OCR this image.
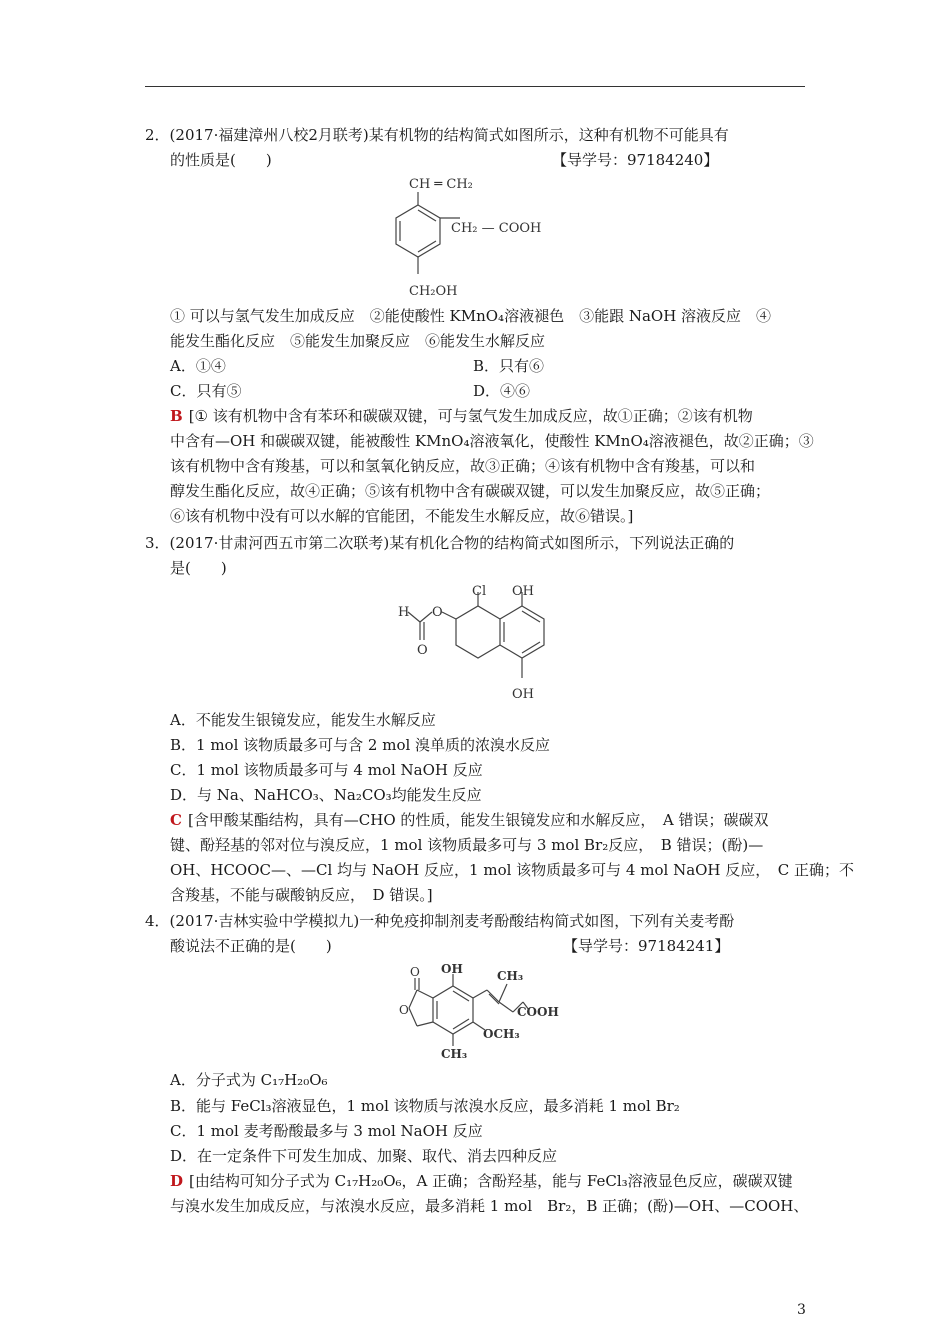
2．(2017·福建漳州八校2月联考)某有机物的结构简式如图所示，这种有机物不可能具有
的性质是(　　)	【导学号：97184240】
CH ═ CH₂
CH₂ — COOH
CH₂OH
① 可以与氢气发生加成反应　②能使酸性 KMnO₄溶液褪色　③能跟 NaOH 溶液反应　④
能发生酯化反应　⑤能发生加聚反应　⑥能发生水解反应
A．①④	B．只有⑥
C．只有⑤	D．④⑥
B [① 该有机物中含有苯环和碳碳双键，可与氢气发生加成反应，故①正确；②该有机物
中含有—OH 和碳碳双键，能被酸性 KMnO₄溶液氧化，使酸性 KMnO₄溶液褪色，故②正确；③
该有机物中含有羧基，可以和氢氧化钠反应，故③正确；④该有机物中含有羧基，可以和
醇发生酯化反应，故④正确；⑤该有机物中含有碳碳双键，可以发生加聚反应，故⑤正确；
⑥该有机物中没有可以水解的官能团，不能发生水解反应，故⑥错误。]
3．(2017·甘肃河西五市第二次联考)某有机化合物的结构简式如图所示，下列说法正确的
是(　　)
Cl OH
H O
O
OH
A．不能发生银镜发应，能发生水解反应
B．1 mol 该物质最多可与含 2 mol 溴单质的浓溴水反应
C．1 mol 该物质最多可与 4 mol NaOH 反应
D．与 Na、NaHCO₃、Na₂CO₃均能发生反应
C [含甲酸某酯结构，具有—CHO 的性质，能发生银镜发应和水解反应，　A 错误；碳碳双
键、酚羟基的邻对位与溴反应，1 mol 该物质最多可与 3 mol Br₂反应，　B 错误；(酚)—
OH、HCOOC—、—Cl 均与 NaOH 反应，1 mol 该物质最多可与 4 mol NaOH 反应，　C 正确；不
含羧基，不能与碳酸钠反应，　D 错误。]
4．(2017·吉林实验中学模拟九)一种免疫抑制剂麦考酚酸结构简式如图，下列有关麦考酚
酸说法不正确的是(　　)	【导学号：97184241】
O OH	CH₃
O	COOH
OCH₃
CH₃
A．分子式为 C₁₇H₂₀O₆
B．能与 FeCl₃溶液显色，1 mol 该物质与浓溴水反应，最多消耗 1 mol Br₂
C．1 mol 麦考酚酸最多与 3 mol NaOH 反应
D．在一定条件下可发生加成、加聚、取代、消去四种反应
D [由结构可知分子式为 C₁₇H₂₀O₆，A 正确；含酚羟基，能与 FeCl₃溶液显色反应，碳碳双键
与溴水发生加成反应，与浓溴水反应，最多消耗 1 mol　Br₂，B 正确；(酚)—OH、—COOH、
3
